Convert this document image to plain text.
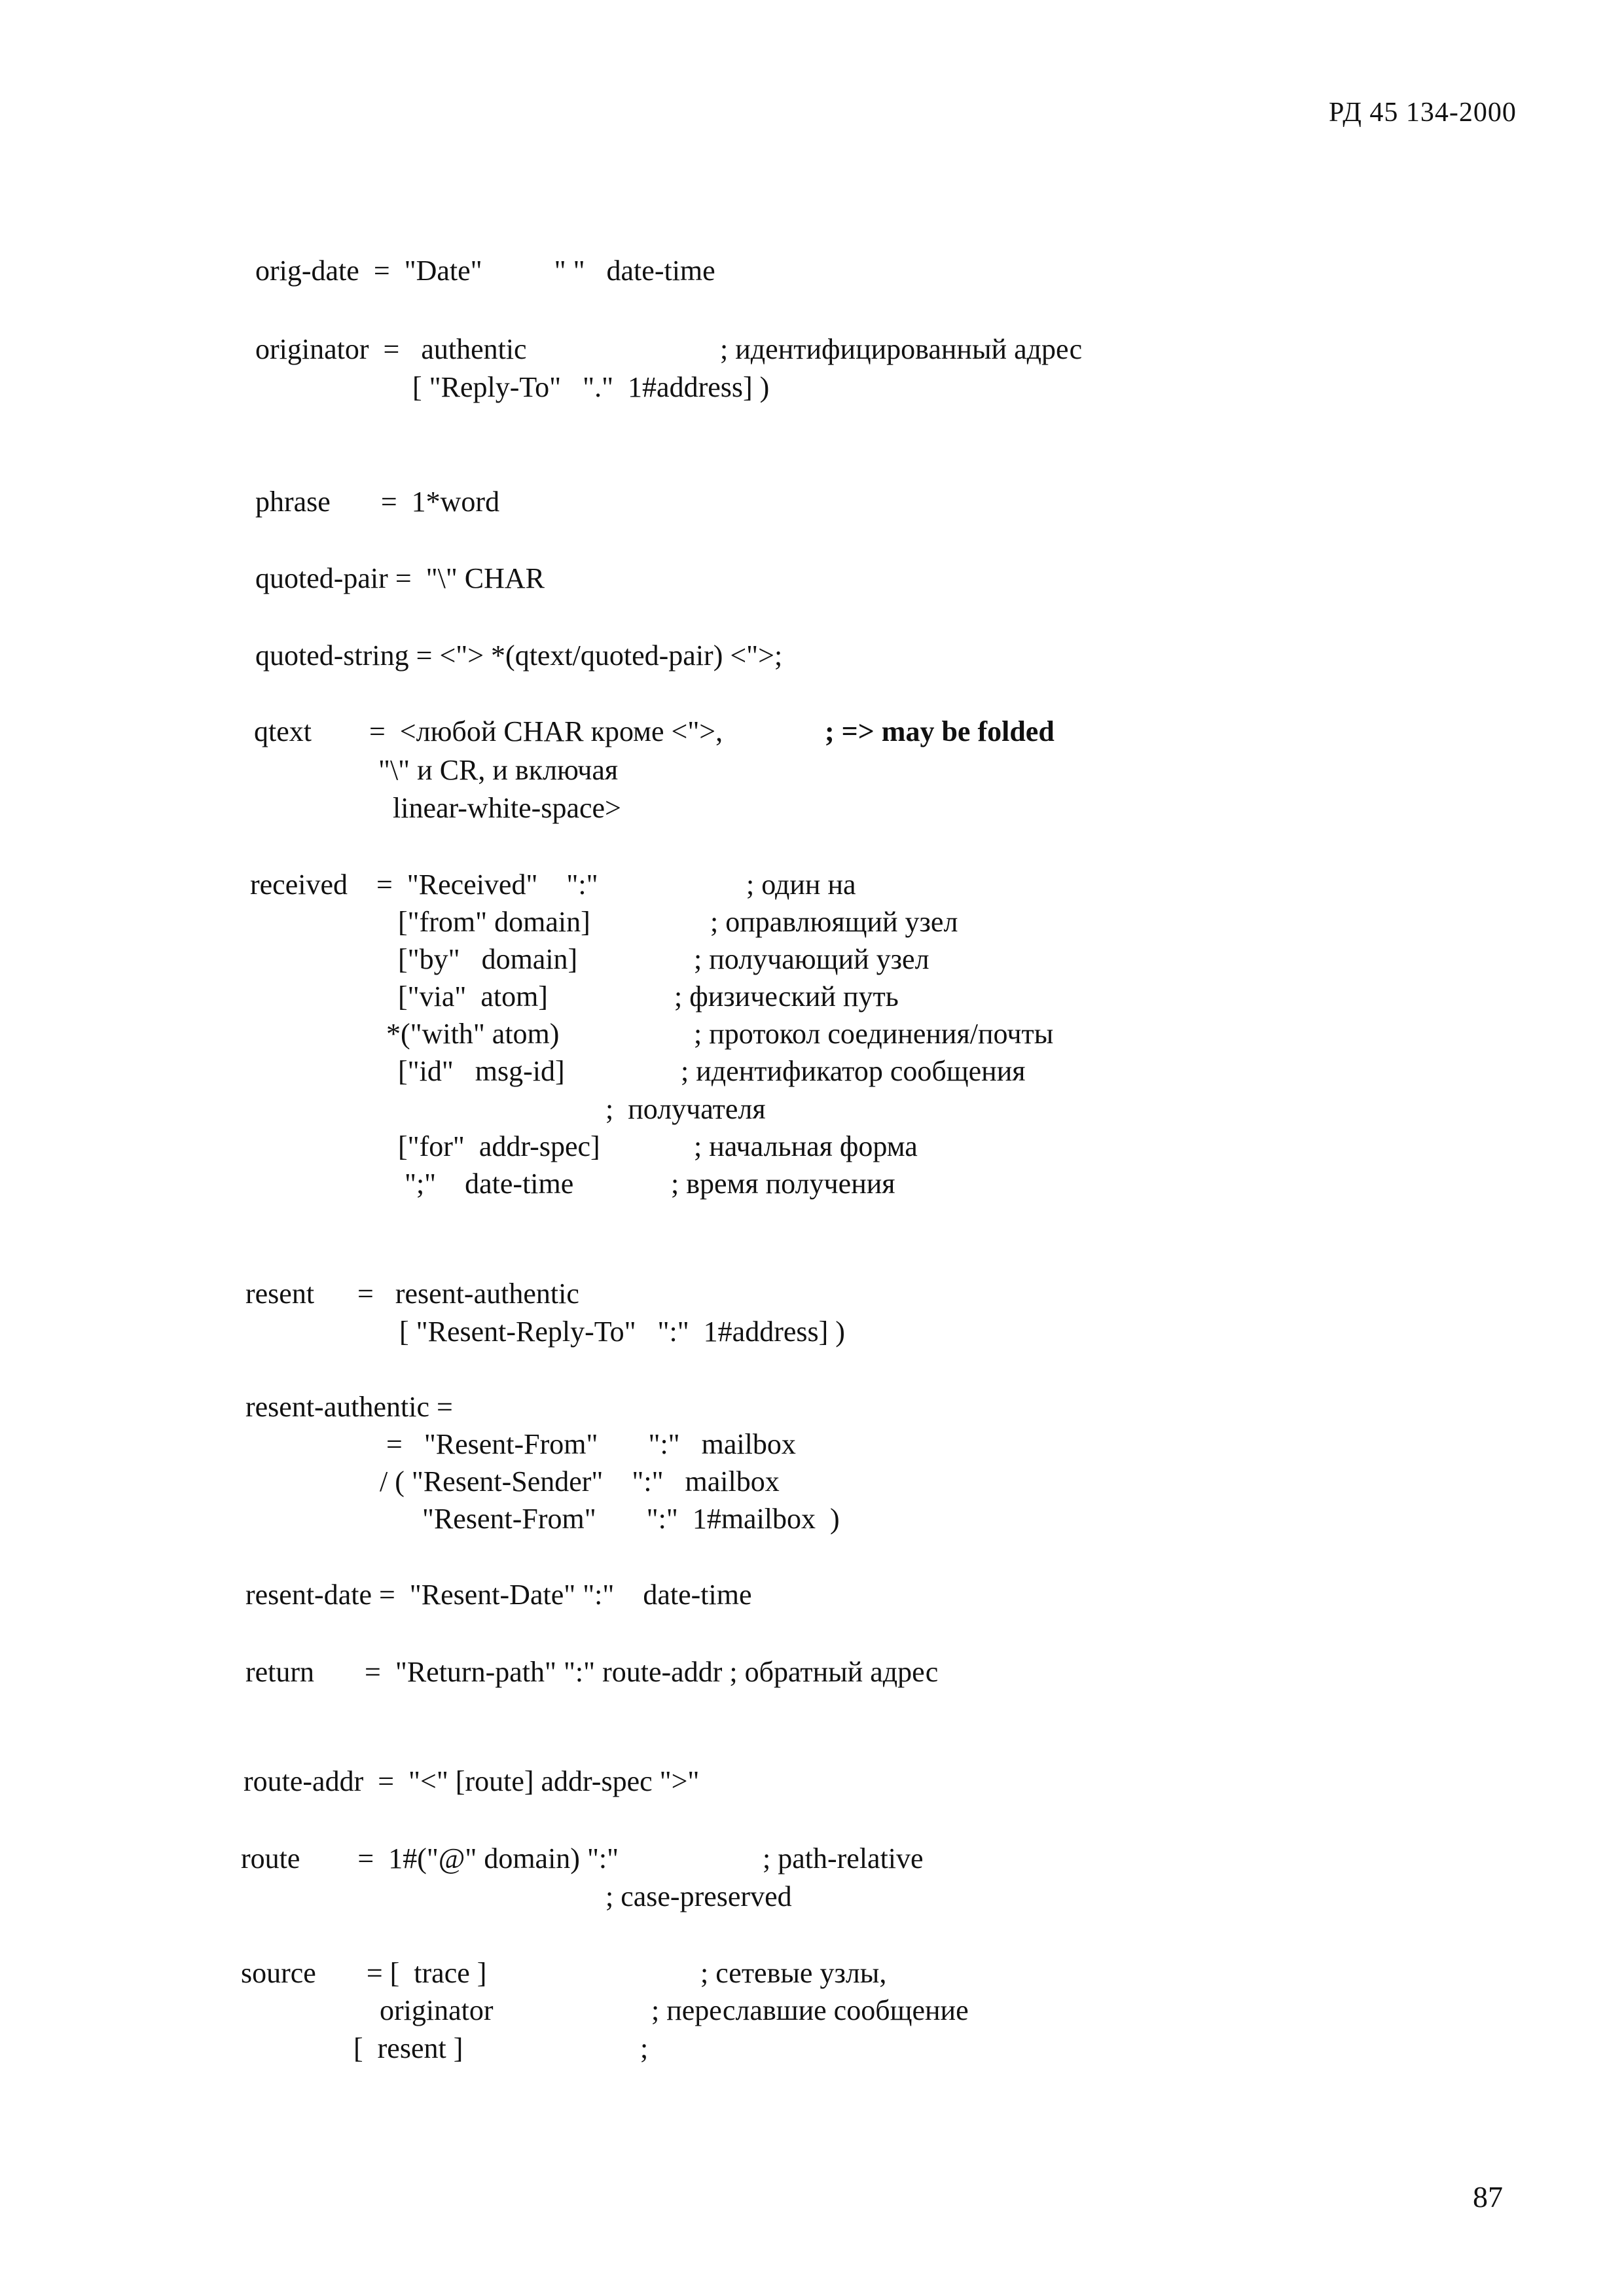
РД 45 134-2000
orig-date  =  "Date"          " "   date-time
originator  =   authentic	; идентифицированный адрес
[ "Reply-To"   "."  1#address] )
phrase       =  1*word
quoted-pair =  "\" CHAR
quoted-string = <"> *(qtext/quoted-pair) <">;
qtext        =  <любой CHAR кроме <">,	; => may be folded
"\" и CR, и включая
linear-white-space>
received    =  "Received"    ":"	; один на
["from" domain]	; оправлюящий узел
["by"   domain]	; получающий узел
["via"  atom]	; физический путь
*("with" atom)	; протокол соединения/почты
["id"   msg-id]	; идентификатор сообщения
;  получателя
["for"  addr-spec]	; начальная форма
";"    date-time	; время получения
resent      =   resent-authentic
[ "Resent-Reply-To"   ":"  1#address] )
resent-authentic =
=   "Resent-From"       ":"   mailbox
/ ( "Resent-Sender"    ":"   mailbox
"Resent-From"       ":"  1#mailbox  )
resent-date =  "Resent-Date" ":"    date-time
return       =  "Return-path" ":" route-addr ; обратный адрес
route-addr  =  "<" [route] addr-spec ">"
route        =  1#("@" domain) ":"	; path-relative
; case-preserved
source       = [  trace ]	; сетевые узлы,
originator	; переславшие сообщение
[  resent ]	;
87
